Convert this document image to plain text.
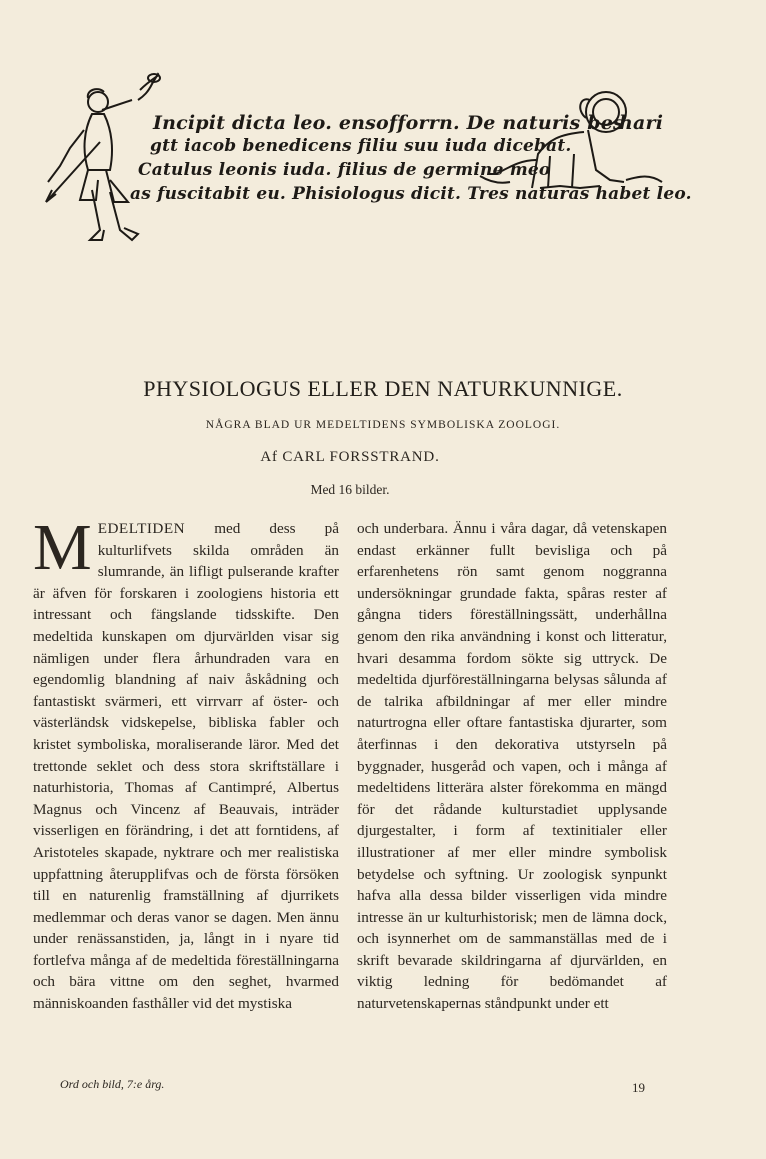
Incipit dicta leo. ensofforrn. De naturis bes
hari
gtt iacob benedicens filiu suu iuda dicebat.
Catulus leonis iuda. filius de germine meo
as fuscitabit eu. Phisiologus dicit. Tres naturas habet leo.
PHYSIOLOGUS ELLER DEN NATURKUNNIGE.
NÅGRA BLAD UR MEDELTIDENS SYMBOLISKA ZOOLOGI.
Af CARL FORSSTRAND.
Med 16 bilder.
MEDELTIDEN med dess på kulturlifvets skilda områden än slumrande, än lifligt pulserande krafter är äfven för forskaren i zoologiens historia ett intressant och fängslande tidsskifte. Den medeltida kunskapen om djurvärlden visar sig nämligen under flera århundraden vara en egendomlig blandning af naiv åskådning och fantastiskt svärmeri, ett virrvarr af öster- och västerländsk vidskepelse, bibliska fabler och kristet symboliska, moraliserande läror. Med det trettonde seklet och dess stora skriftställare i naturhistoria, Thomas af Cantimpré, Albertus Magnus och Vincenz af Beauvais, inträder visserligen en förändring, i det att forntidens, af Aristoteles skapade, nyktrare och mer realistiska uppfattning återupplifvas och de första försöken till en naturenlig framställning af djurrikets medlemmar och deras vanor se dagen. Men ännu under renässanstiden, ja, långt in i nyare tid fortlefva många af de medeltida föreställningarna och bära vittne om den seghet, hvarmed människoanden fasthåller vid det mystiska
och underbara. Ännu i våra dagar, då vetenskapen endast erkänner fullt bevisliga och på erfarenhetens rön samt genom noggranna undersökningar grundade fakta, spåras rester af gångna tiders föreställningssätt, underhållna genom den rika användning i konst och litteratur, hvari desamma fordom sökte sig uttryck. De medeltida djurföreställningarna belysas sålunda af de talrika afbildningar af mer eller mindre naturtrogna eller oftare fantastiska djurarter, som återfinnas i den dekorativa utstyrseln på byggnader, husgeråd och vapen, och i många af medeltidens litterära alster förekomma en mängd för det rådande kulturstadiet upplysande djurgestalter, i form af textinitialer eller illustrationer af mer eller mindre symbolisk betydelse och syftning. Ur zoologisk synpunkt hafva alla dessa bilder visserligen vida mindre intresse än ur kulturhistorisk; men de lämna dock, och isynnerhet om de sammanställas med de i skrift bevarade skildringarna af djurvärlden, en viktig ledning för bedömandet af naturvetenskapernas ståndpunkt under ett
Ord och bild, 7:e årg.	19
